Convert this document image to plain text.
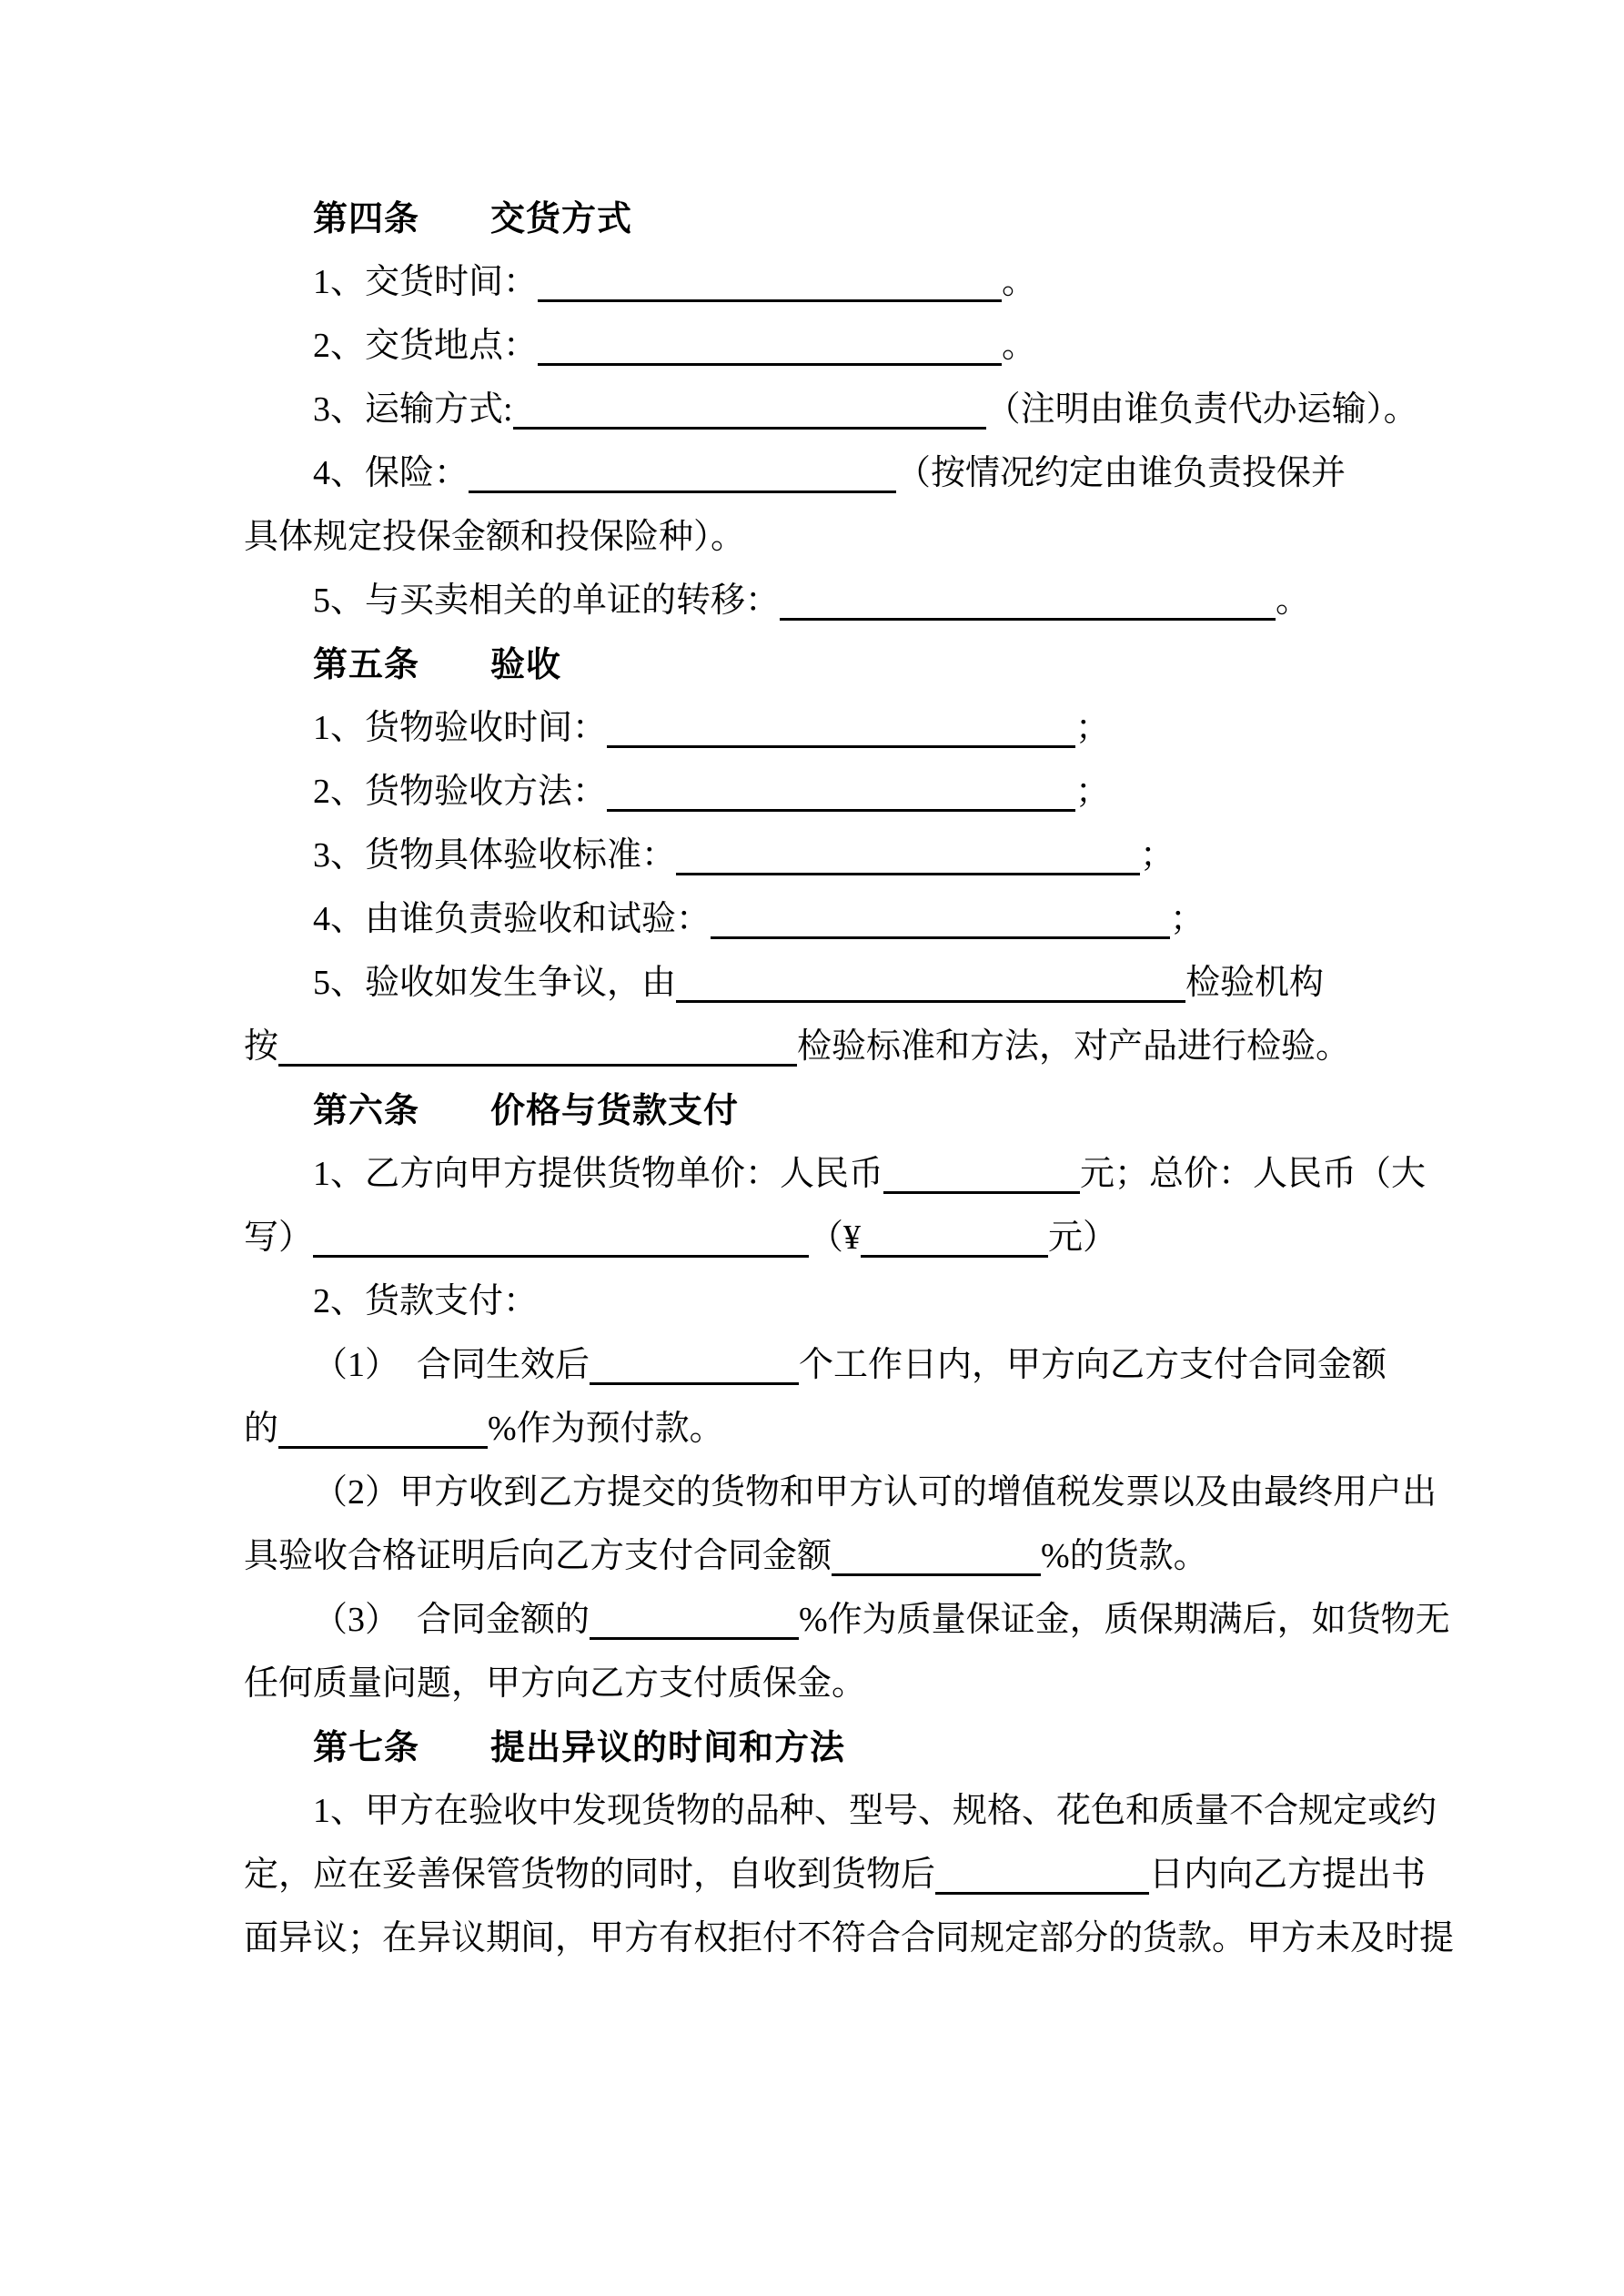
第四条　　交货方式
1、交货时间：	。
2、交货地点：	。
3、运输方式:	（注明由谁负责代办运输）。
4、保险：	（按情况约定由谁负责投保并
具体规定投保金额和投保险种）。
5、与买卖相关的单证的转移：	。
第五条　　验收
1、货物验收时间：	；
2、货物验收方法：	；
3、货物具体验收标准：	；
4、由谁负责验收和试验：	；
5、验收如发生争议，由	检验机构
按	检验标准和方法，对产品进行检验。
第六条　　价格与货款支付
1、乙方向甲方提供货物单价：人民币	元；总价：人民币（大
写）	（¥	元）
2、货款支付：
（1）　合同生效后	个工作日内，甲方向乙方支付合同金额
的	%作为预付款。
（2）甲方收到乙方提交的货物和甲方认可的增值税发票以及由最终用户出
具验收合格证明后向乙方支付合同金额	%的货款。
（3）　合同金额的	%作为质量保证金，质保期满后，如货物无
任何质量问题，甲方向乙方支付质保金。
第七条　　提出异议的时间和方法
1、甲方在验收中发现货物的品种、型号、规格、花色和质量不合规定或约
定，应在妥善保管货物的同时，自收到货物后	日内向乙方提出书
面异议；在异议期间，甲方有权拒付不符合合同规定部分的货款。甲方未及时提
